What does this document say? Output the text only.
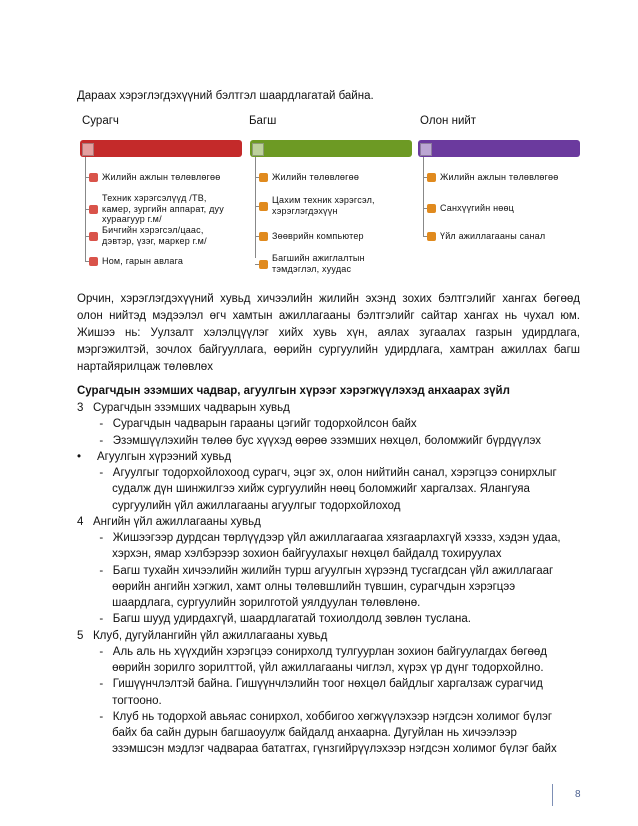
Дараах хэрэглэгдэхүүний бэлтгэл шаардлагатай байна.
Сурагч
Жилийн ажлын төлөвлөгөө
Техник хэрэгсэлүүд /ТВ,
камер, зургийн аппарат, дуу
хураагуур г.м/
Бичгийн хэрэгсэл/цаас,
дэвтэр, үзэг, маркер г.м/
Ном, гарын авлага
Багш
Жилийн төлөвлөгөө
Цахим техник хэрэгсэл,
хэрэглэгдэхүүн
Зөөврийн компьютер
Багшийн ажиглалтын
тэмдэглэл, хуудас
Олон нийт
Жилийн ажлын төлөвлөгөө
Санхүүгийн нөөц
Үйл ажиллагааны санал
Орчин, хэрэглэгдэхүүний хувьд хичээлийн жилийн эхэнд зохих бэлтгэлийг хангах бөгөөд
олон нийтэд мэдээлэл өгч хамтын ажиллагааны бэлтгэлийг сайтар хангах нь чухал юм.
Жишээ нь: Уулзалт хэлэлцүүлэг хийх хувь хүн, аялах зугаалах газрын удирдлага,
мэргэжилтэй, зочлох байгууллага, өөрийн сургуулийн удирдлага, хамтран ажиллах багш
нартайярилцаж төлөвлөх
Сурагчдын эзэмших чадвар, агуулгын хүрээг хэрэгжүүлэхэд анхаарах зүйл
3   Сурагчдын эзэмших чадварын хувьд
-   Сурагчдын чадварын гарааны цэгийг тодорхойлсон байх
-   Эзэмшүүлэхийн төлөө бус хүүхэд өөрөө эзэмших нөхцөл, боломжийг бүрдүүлэх
•     Агуулгын хүрээний хувьд
-   Агуулгыг тодорхойлохоод сурагч, эцэг эх, олон нийтийн санал, хэрэгцээ сонирхлыг
судалж дүн шинжилгээ хийж сургуулийн нөөц боломжийг харгалзах. Ялангуяа
сургуулийн үйл ажиллагааны агуулгыг тодорхойлоход
4   Ангийн үйл ажиллагааны хувьд
-   Жишээгээр дурдсан төрлүүдээр үйл ажиллагаагаа хязгаарлахгүй хэззэ, хэдэн удаа,
хэрхэн, ямар хэлбэрээр зохион байгуулахыг нөхцөл байдалд тохируулах
-   Багш тухайн хичээлийн жилийн турш агуулгын хүрээнд тусгагдсан үйл ажиллагааг
өөрийн ангийн хэгжил, хамт олны төлөвшлийн түвшин, сурагчдын хэрэгцээ
шаардлага, сургуулийн зорилготой уялдуулан төлөвлөнө.
-   Багш шууд удирдахгүй, шаардлагатай тохиолдолд зөвлөн туслана.
5   Клуб, дугуйлангийн үйл ажиллагааны хувьд
-   Аль аль нь хүүхдийн хэрэгцээ сонирхолд тулгуурлан зохион байгуулагдах бөгөөд
өөрийн зорилго зорилттой, үйл ажиллагааны чиглэл, хүрэх үр дүнг тодорхойлно.
-   Гишүүнчлэлтэй байна. Гишүүнчлэлийн тоог нөхцөл байдлыг харгалзаж сурагчид
тогтооно.
-   Клуб нь тодорхой авьяас сонирхол, хоббигоо хөгжүүлэхээр нэгдсэн холимог бүлэг
байх ба сайн дурын багшаоуулж байдалд анхаарна. Дугуйлан нь хичээлээр
эзэмшсэн мэдлэг чадвараа бататгах, гүнзгийрүүлэхээр нэгдсэн холимог бүлэг байх
8
